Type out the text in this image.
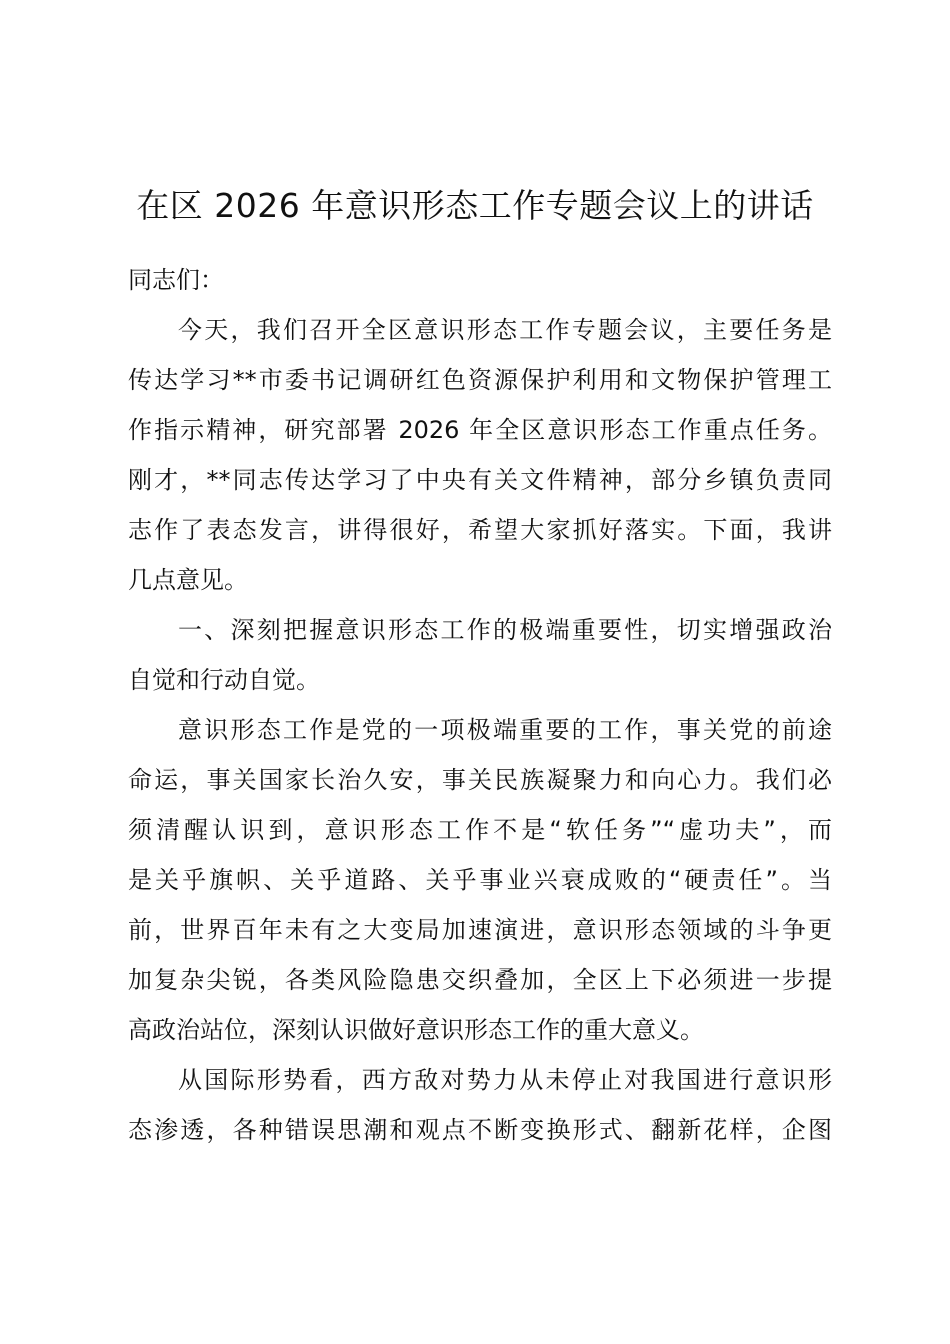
在区 2026 年意识形态工作专题会议上的讲话
同志们：
今天，我们召开全区意识形态工作专题会议，主要任务是
传达学习**市委书记调研红色资源保护利用和文物保护管理工
作指示精神，研究部署 2026 年全区意识形态工作重点任务。
刚才，**同志传达学习了中央有关文件精神，部分乡镇负责同
志作了表态发言，讲得很好，希望大家抓好落实。下面，我讲
几点意见。
一、深刻把握意识形态工作的极端重要性，切实增强政治
自觉和行动自觉。
意识形态工作是党的一项极端重要的工作，事关党的前途
命运，事关国家长治久安，事关民族凝聚力和向心力。我们必
须清醒认识到，意识形态工作不是“软任务”“虚功夫”，而
是关乎旗帜、关乎道路、关乎事业兴衰成败的“硬责任”。当
前，世界百年未有之大变局加速演进，意识形态领域的斗争更
加复杂尖锐，各类风险隐患交织叠加，全区上下必须进一步提
高政治站位，深刻认识做好意识形态工作的重大意义。
从国际形势看，西方敌对势力从未停止对我国进行意识形
态渗透，各种错误思潮和观点不断变换形式、翻新花样，企图
